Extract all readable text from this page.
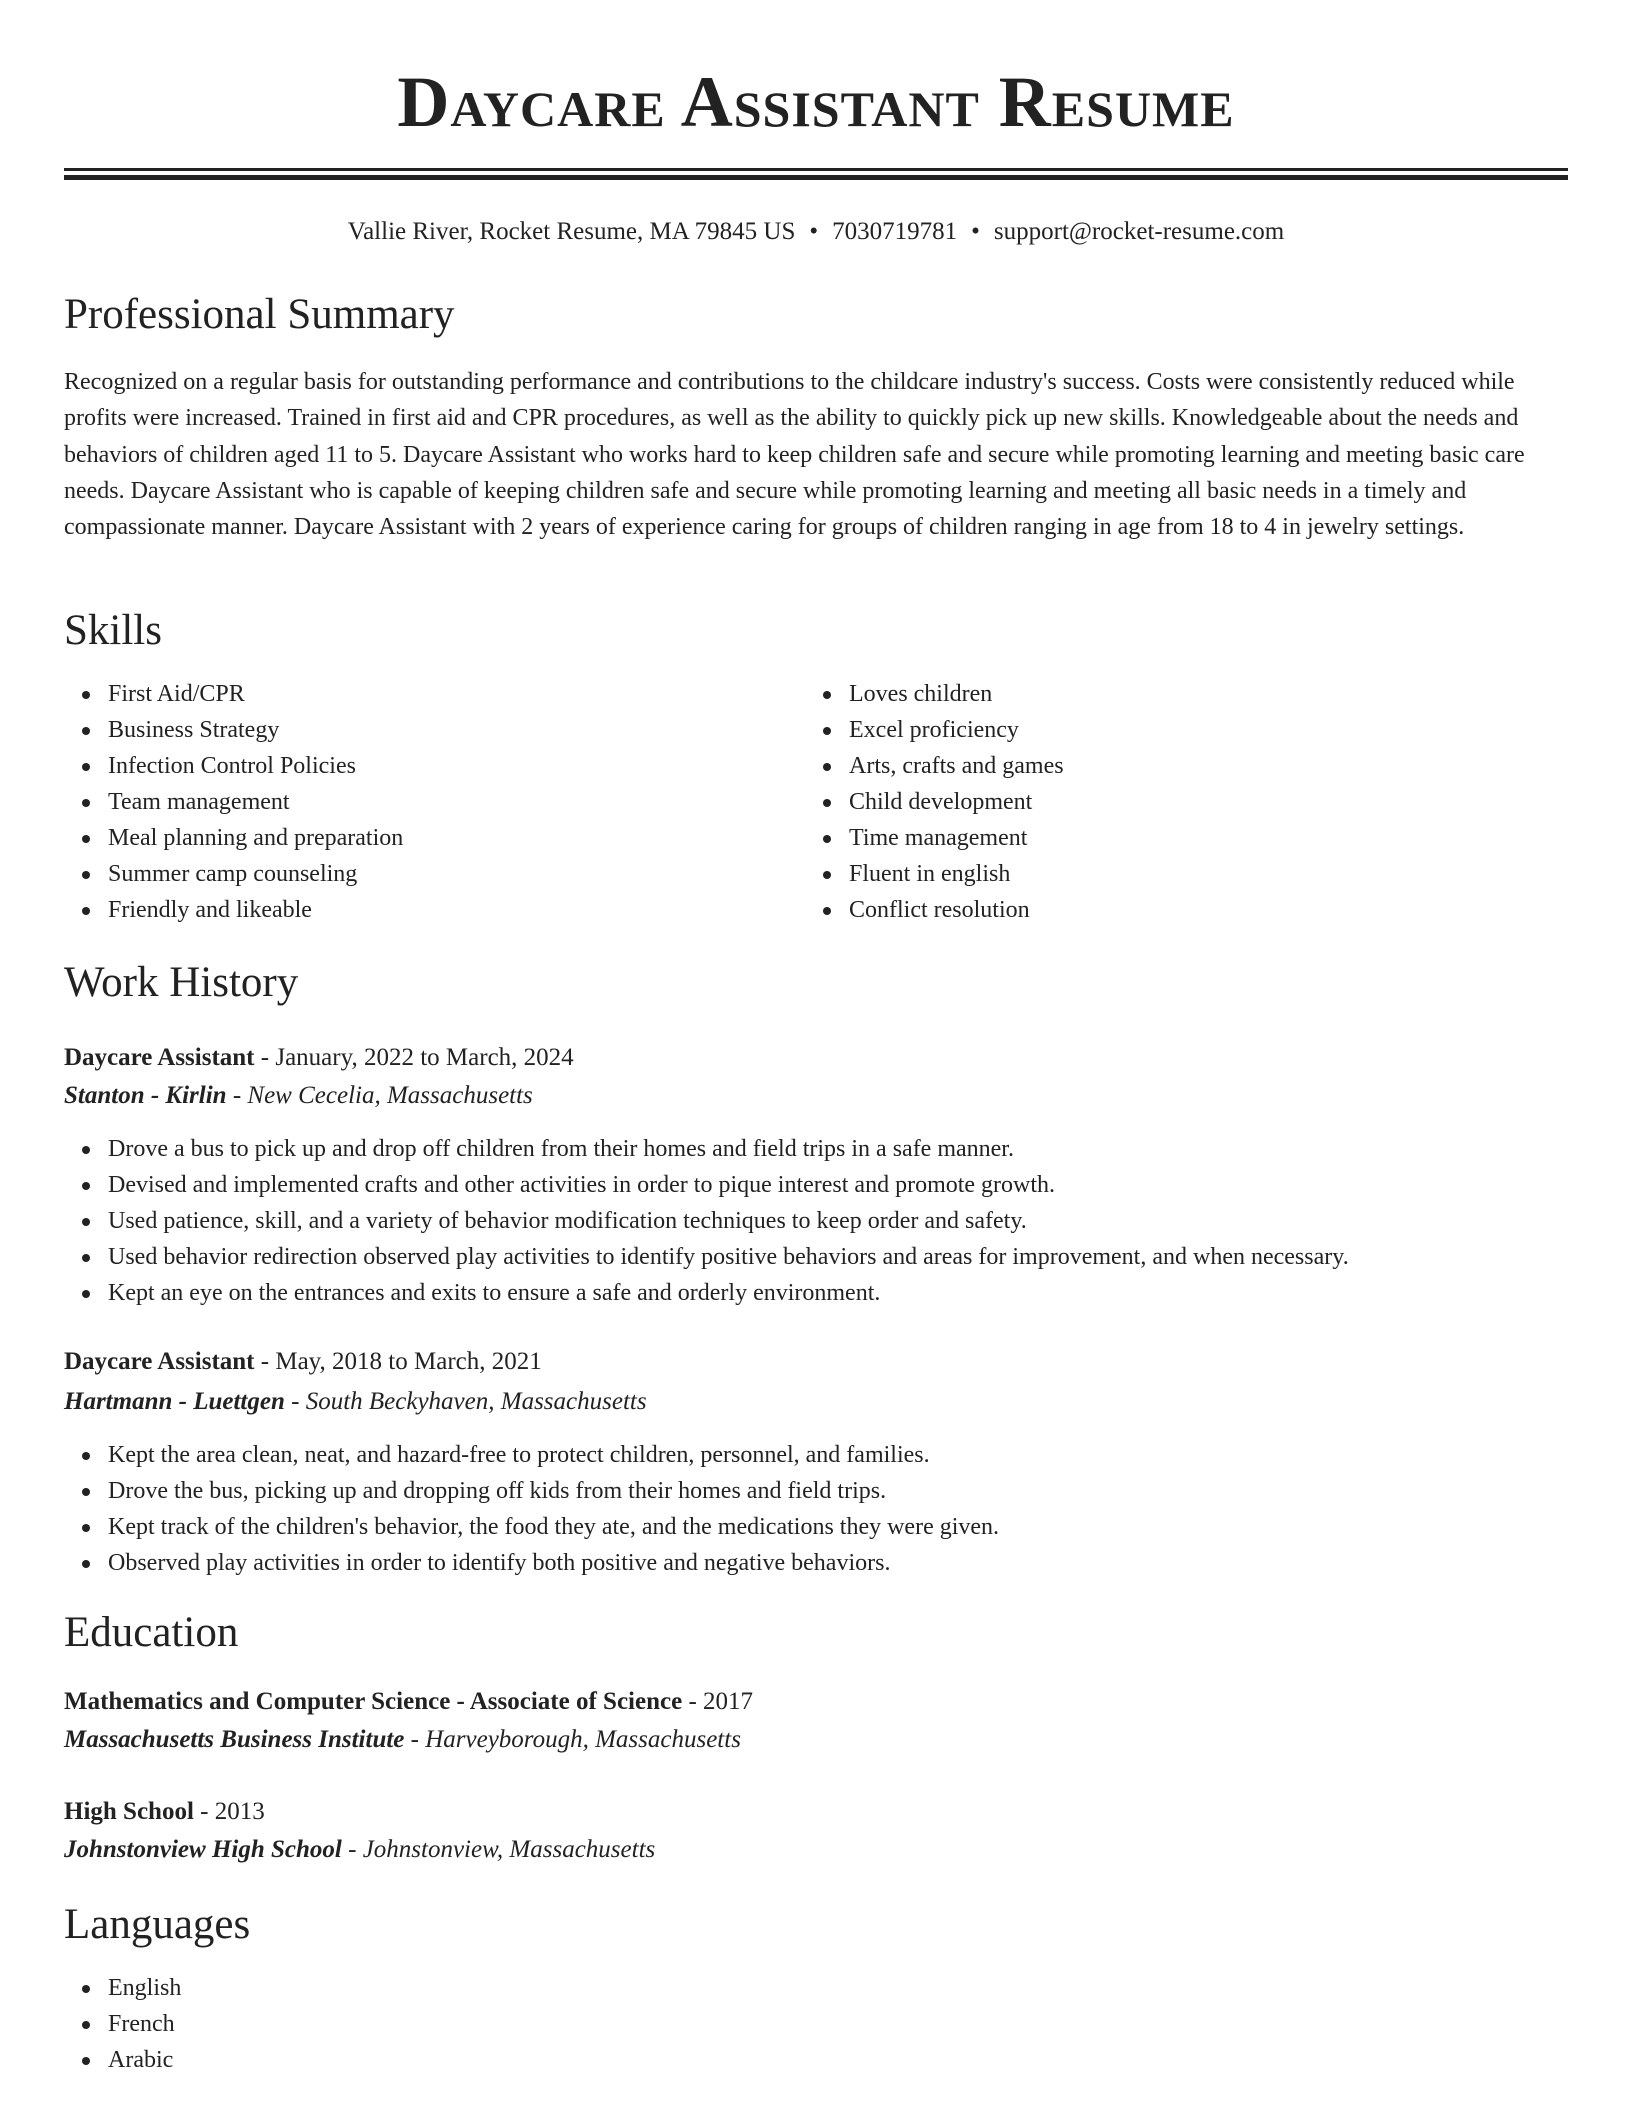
Daycare Assistant Resume
Vallie River, Rocket Resume, MA 79845 US • 7030719781 • support@rocket-resume.com
Professional Summary

Recognized on a regular basis for outstanding performance and contributions to the childcare industry's success. Costs were consistently reduced while profits were increased. Trained in first aid and CPR procedures, as well as the ability to quickly pick up new skills. Knowledgeable about the needs and behaviors of children aged 11 to 5. Daycare Assistant who works hard to keep children safe and secure while promoting learning and meeting basic care needs. Daycare Assistant who is capable of keeping children safe and secure while promoting learning and meeting all basic needs in a timely and compassionate manner. Daycare Assistant with 2 years of experience caring for groups of children ranging in age from 18 to 4 in jewelry settings.

Skills
First Aid/CPR
Business Strategy
Infection Control Policies
Team management
Meal planning and preparation
Summer camp counseling
Friendly and likeable
Loves children
Excel proficiency
Arts, crafts and games
Child development
Time management
Fluent in english
Conflict resolution
Work History
Daycare Assistant - January, 2022 to March, 2024
Stanton - Kirlin - New Cecelia, Massachusetts
Drove a bus to pick up and drop off children from their homes and field trips in a safe manner.
Devised and implemented crafts and other activities in order to pique interest and promote growth.
Used patience, skill, and a variety of behavior modification techniques to keep order and safety.
Used behavior redirection observed play activities to identify positive behaviors and areas for improvement, and when necessary.
Kept an eye on the entrances and exits to ensure a safe and orderly environment.
Daycare Assistant - May, 2018 to March, 2021
Hartmann - Luettgen - South Beckyhaven, Massachusetts
Kept the area clean, neat, and hazard-free to protect children, personnel, and families.
Drove the bus, picking up and dropping off kids from their homes and field trips.
Kept track of the children's behavior, the food they ate, and the medications they were given.
Observed play activities in order to identify both positive and negative behaviors.
Education
Mathematics and Computer Science - Associate of Science - 2017
Massachusetts Business Institute - Harveyborough, Massachusetts
High School - 2013
Johnstonview High School - Johnstonview, Massachusetts
Languages
English
French
Arabic
